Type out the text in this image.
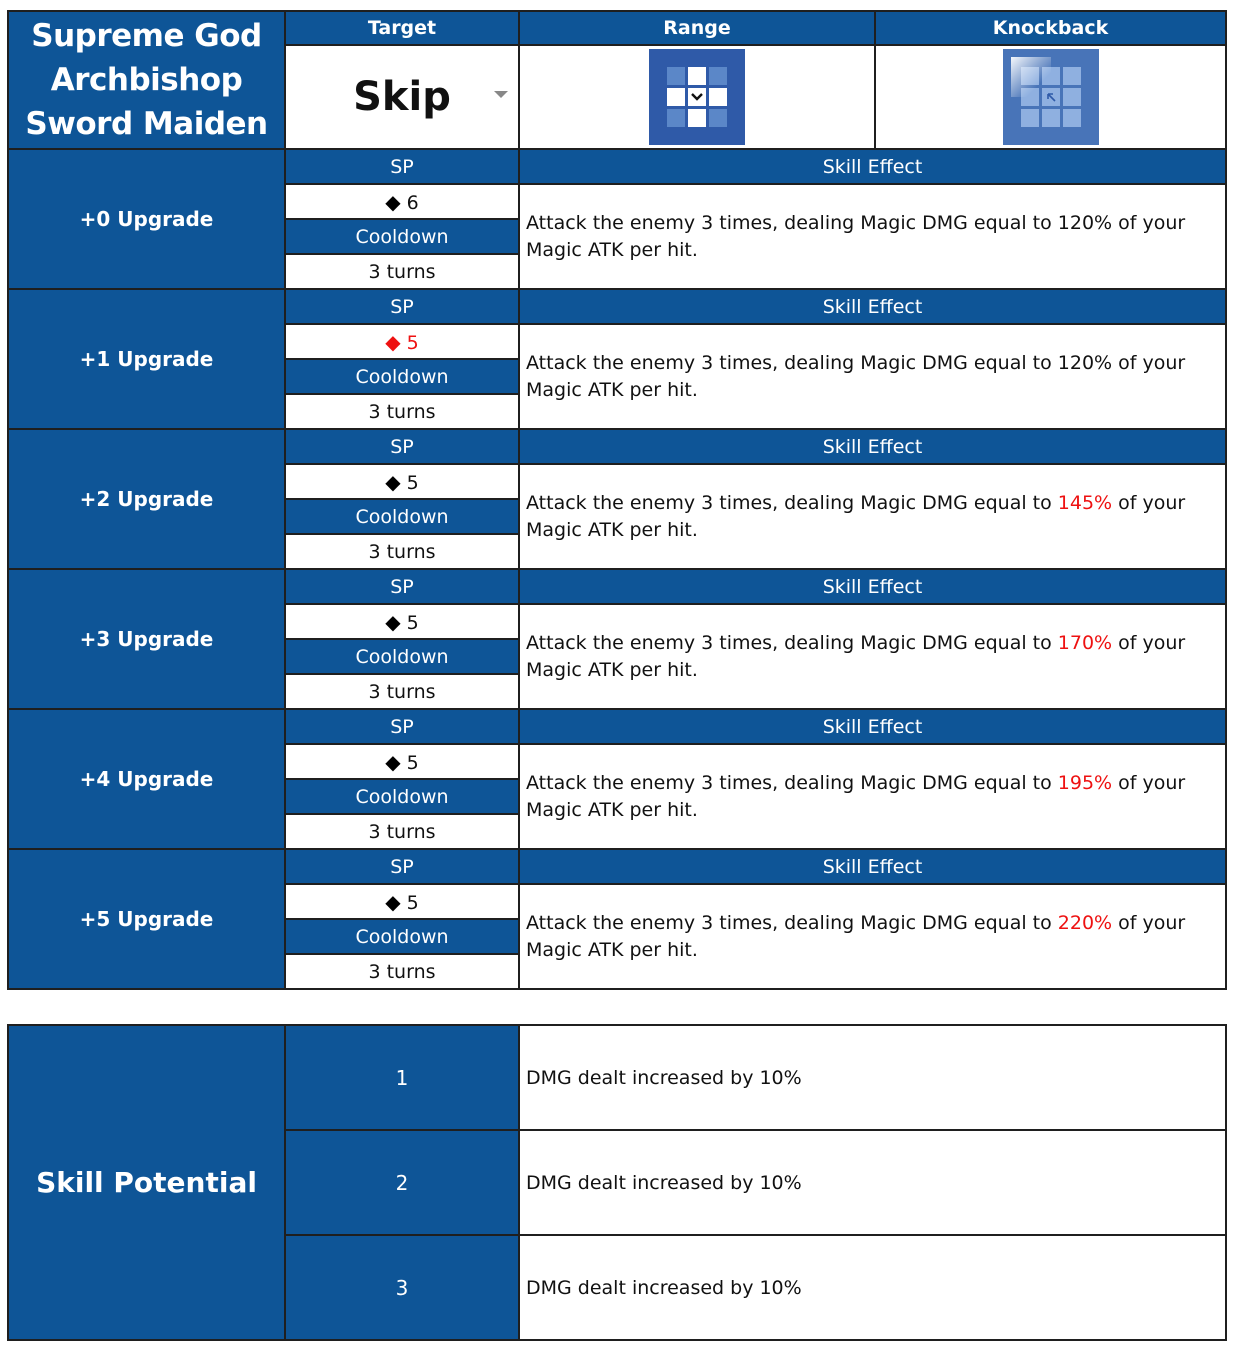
Supreme God
Archbishop
Sword Maiden	Target	Range	Knockback
	Skip

+0 Upgrade	SP	Skill Effect	
	◆ 6	Attack the enemy 3 times, dealing Magic DMG equal to 120% of your Magic ATK per hit.	
	Cooldown		
	3 turns		
+1 Upgrade	SP	Skill Effect	
	◆ 5	Attack the enemy 3 times, dealing Magic DMG equal to 120% of your Magic ATK per hit.	
	Cooldown		
	3 turns		
+2 Upgrade	SP	Skill Effect	
	◆ 5	Attack the enemy 3 times, dealing Magic DMG equal to 145% of your Magic ATK per hit.	
	Cooldown		
	3 turns		
+3 Upgrade	SP	Skill Effect	
	◆ 5	Attack the enemy 3 times, dealing Magic DMG equal to 170% of your Magic ATK per hit.	
	Cooldown		
	3 turns		
+4 Upgrade	SP	Skill Effect	
	◆ 5	Attack the enemy 3 times, dealing Magic DMG equal to 195% of your Magic ATK per hit.	
	Cooldown		
	3 turns		
+5 Upgrade	SP	Skill Effect	
	◆ 5	Attack the enemy 3 times, dealing Magic DMG equal to 220% of your Magic ATK per hit.	
	Cooldown		
	3 turns		
Skill Potential	1	DMG dealt increased by 10%
	2	DMG dealt increased by 10%
	3	DMG dealt increased by 10%
